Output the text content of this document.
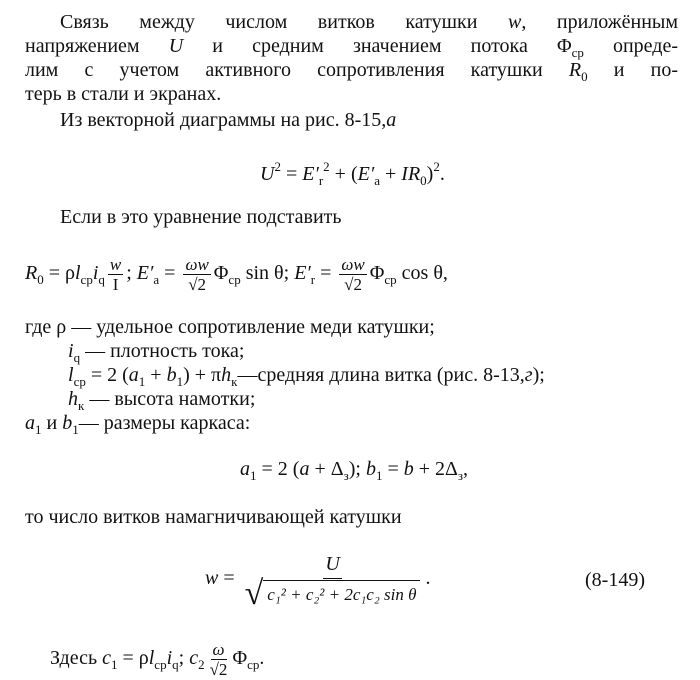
Связь между числом витков катушки w, приложённым
напряжением U и средним значением потока $\Phi_{ср}$ опреде-
лим с учетом активного сопротивления катушки $R_0$ и по-
терь в стали и экранах.
Из векторной диаграммы на рис. 8-15,а
$U^2 = E'_r^2 + (E'_a + IR_0)^2$.
Если в это уравнение подставить
$R_0 = \rho l_{ср}i_q \frac{w}{I}$ ; $E'_a = \frac{\omega w}{√2} \Phi_{ср}$ sin θ; $E'_r = \frac{\omega w}{√2} \Phi_{ср}$ cos θ,
где ρ — удельное сопротивление меди катушки;
$i_q$ — плотность тока;
$l_{ср} = 2$ $(a_1 + b_1)$ + $\pi h_к—средняя$ длина витка (рис. 8-13,г);
$h_к$ — высота намотки;
$a_1$ и $b_1—$ размеры каркаса:
$a_1 = 2$ $(a + \Delta_з)$; $b_1 = b + 2\Delta_з$,
то число витков намагничивающей катушки
$w = \frac{U}{\text{√ c₁² + c₂² + 2c₁c₂ sin θ}}$ .	(8-149)
Здесь $c_1 = \rho l_{ср}i_q$; $c_2 \frac{\omega}{√2} \Phi_{ср}$.
